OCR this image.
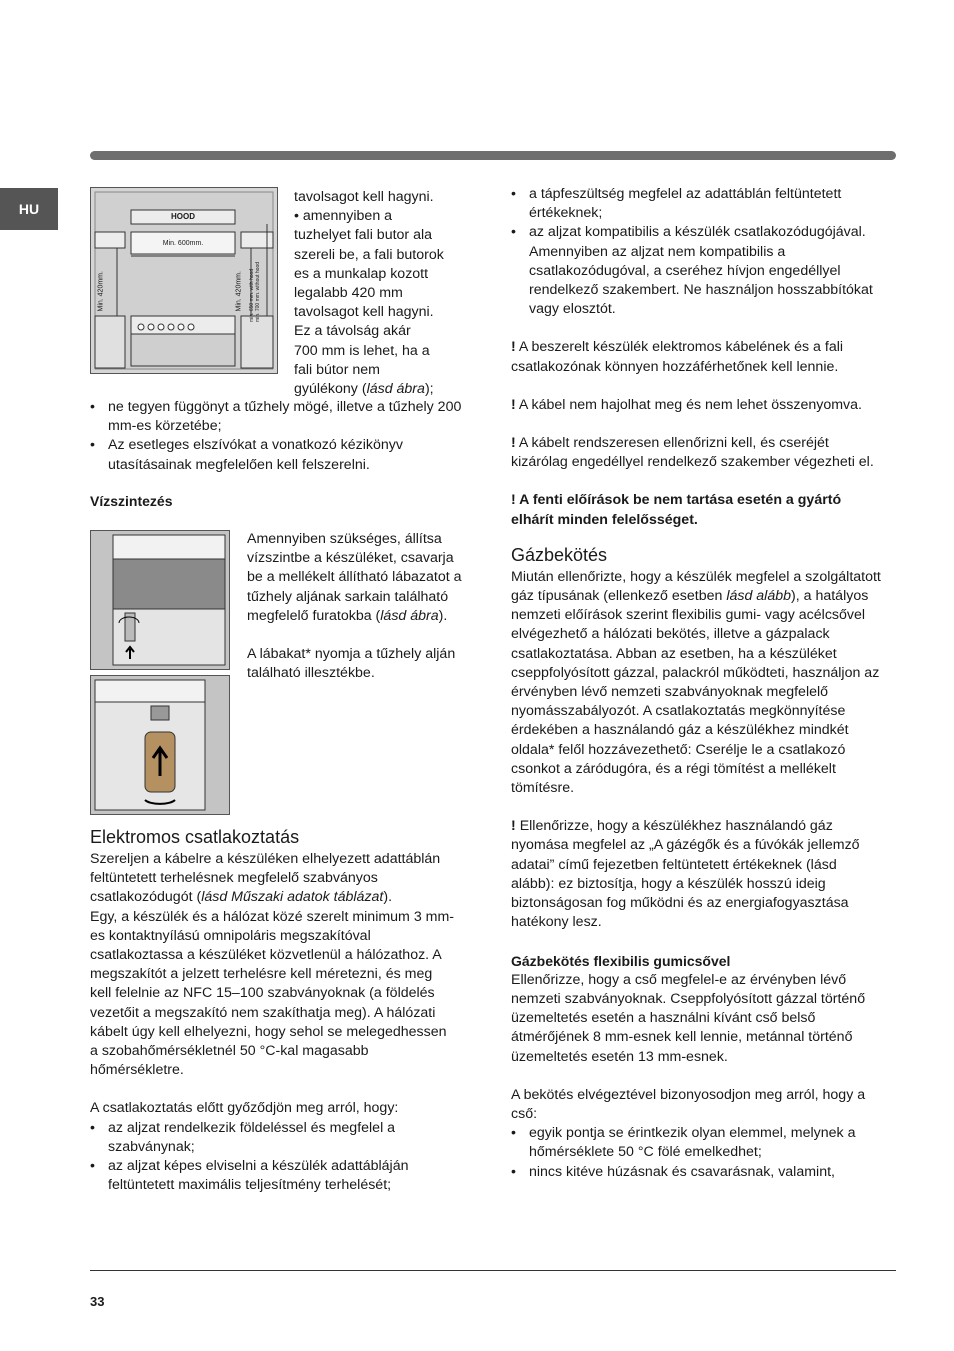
HU	HOOD
Min. 600mm.
Min. 420mm.	Min. 420mm. min. 650 mm. with hood min. 700 mm. without hood

tavolsagot kell hagyni.

• amennyiben a

tuzhelyet fali butor ala

szereli be, a fali butorok

es a munkalap kozott

legalabb 420 mm

tavolsagot kell hagyni.

Ez a távolság akár

700 mm is lehet, ha a

fali bútor nem

gyúlékony (lásd ábra);

• ne tegyen függönyt a tűzhely mögé, illetve a tűzhely 200 mm-es körzetébe;
• Az esetleges elszívókat a vonatkozó kézikönyv utasításainak megfelelően kell felszerelni.

Vízszintezés

Amennyiben szükséges, állítsa vízszintbe a készüléket, csavarja be a mellékelt állítható lábazatot a tűzhely aljának sarkain található megfelelő furatokba (lásd ábra).

A lábakat* nyomja a tűzhely alján található illesztékbe.

Elektromos csatlakoztatás

Szereljen a kábelre a készüléken elhelyezett adattáblán feltüntetett terhelésnek megfelelő szabványos csatlakozódugót (lásd Műszaki adatok táblázat).

Egy, a készülék és a hálózat közé szerelt minimum 3 mm-es kontaktnyílású omnipoláris megszakítóval csatlakoztassa a készüléket közvetlenül a hálózathoz. A megszakítót a jelzett terhelésre kell méretezni, és meg kell felelnie az NFC 15–100 szabványoknak (a földelés vezetőit a megszakító nem szakíthatja meg). A hálózati kábelt úgy kell elhelyezni, hogy sehol se melegedhessen a szobahőmérsékletnél 50 °C-kal magasabb hőmérsékletre.

A csatlakoztatás előtt győződjön meg arról, hogy:

• az aljzat rendelkezik földeléssel és megfelel a szabványnak;
• az aljzat képes elviselni a készülék adattábláján feltüntetett maximális teljesítmény terhelését;
• a tápfeszültség megfelel az adattáblán feltüntetett értékeknek;
• az aljzat kompatibilis a készülék csatlakozódugójával. Amennyiben az aljzat nem kompatibilis a csatlakozódugóval, a cseréhez hívjon engedéllyel rendelkező szakembert. Ne használjon hosszabbítókat vagy elosztót.

! A beszerelt készülék elektromos kábelének és a fali csatlakozónak könnyen hozzáférhetőnek kell lennie.

! A kábel nem hajolhat meg és nem lehet összenyomva.

! A kábelt rendszeresen ellenőrizni kell, és cseréjét kizárólag engedéllyel rendelkező szakember végezheti el.

! A fenti előírások be nem tartása esetén a gyártó elhárít minden felelősséget.

Gázbekötés

Miután ellenőrizte, hogy a készülék megfelel a szolgáltatott gáz típusának (ellenkező esetben lásd alább), a hatályos nemzeti előírások szerint flexibilis gumi- vagy acélcsővel elvégezhető a hálózati bekötés, illetve a gázpalack csatlakoztatása. Abban az esetben, ha a készüléket cseppfolyósított gázzal, palackról működteti, használjon az érvényben lévő nemzeti szabványoknak megfelelő nyomásszabályozót. A csatlakoztatás megkönnyítése érdekében a használandó gáz a készülékhez mindkét oldala* felől hozzávezethető: Cserélje le a csatlakozó csonkot a záródugóra, és a régi tömítést a mellékelt tömítésre.

! Ellenőrizze, hogy a készülékhez használandó gáz nyomása megfelel az „A gázégők és a fúvókák jellemző adatai” című fejezetben feltüntetett értékeknek (lásd alább): ez biztosítja, hogy a készülék hosszú ideig biztonságosan fog működni és az energiafogyasztása hatékony lesz.

Gázbekötés flexibilis gumicsővel

Ellenőrizze, hogy a cső megfelel-e az érvényben lévő nemzeti szabványoknak. Cseppfolyósított gázzal történő üzemeltetés esetén a használni kívánt cső belső átmérőjének 8 mm-esnek kell lennie, metánnal történő üzemeltetés esetén 13 mm-esnek.

A bekötés elvégeztével bizonyosodjon meg arról, hogy a cső:

• egyik pontja se érintkezik olyan elemmel, melynek a hőmérséklete 50 °C fölé emelkedhet;
• nincs kitéve húzásnak és csavarásnak, valamint,
33
